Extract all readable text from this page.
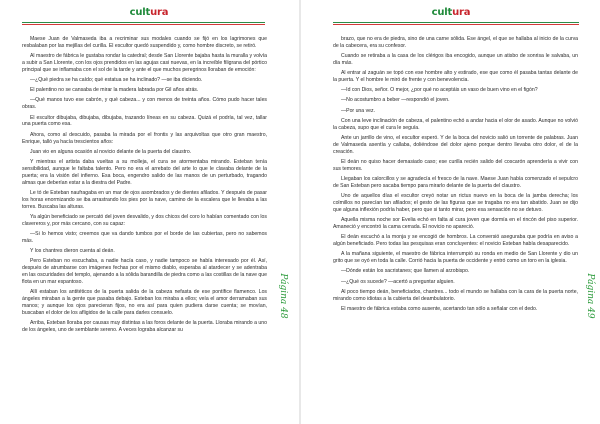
cultura

Maese Juan de Valmaseda iba a recriminar sus modales cuando se fijó en los lagrimones que resbalaban por las mejillas del curilla. El escultor quedó suspendido y, como hombre discreto, se retiró.

Al maestro de fábrica le gustaba rondar la catedral; desde San Llorente bajaba hasta la muralla y volvía a subir a San Llorente, con los ojos prendidos en las agujas casi nuevas, en la increíble filigrana del pórtico principal que se inflamaba con el sol de la tarde y ante el que muchos peregrinos lloraban de emoción:

—¿Qué piedra se ha caído; qué estatua se ha inclinado? —se iba diciendo.

El palentino no se cansaba de mirar la madera labrada por Gil años atrás.

—Qué manos tuvo ese cabrón, y qué cabeza... y con menos de treinta años. Cómo pudo hacer tales obras.

El escultor dibujaba, dibujaba, dibujaba, trazando líneas en su cabeza. Quizá el podría, tal vez, tallar una puerta como esa.

Ahora, como al descuido, pasaba la mirada por el frontis y las arquivoltas que otro gran maestro, Enrique, talló ya hacía trescientos años:

Juan vio en alguna ocasión al novicio delante de la puerta del claustro.

Y mientras el artista daba vueltas a su molleja, el cura se atormentaba mirando. Esteban tenía sensibilidad, aunque le faltaba talento. Pero no era el arrebato del arte lo que le clavaba delante de la puerta; era la visión del infierno. Esa boca, engendro salido de las manos de un perturbado, tragando almas que deberían estar a la diestra del Padre.

Le tó de Esteban naufragaba en un mar de ojos asombrados y de dientes afilados. Y después de pasar los horas enormizando se iba arrastrando los pies por la nave, camino de la escalera que le llevaba a las torres. Buscaba las alturas.

Ya algún beneficiado se percató del joven desvalido, y dos chicos del coro lo habían comentado con los clavereros y, por más cercano, con su capaz:

—Si lo hemos visto; creemos que va dando tumbos por el borde de las cubiertas, pero no sabemos más.

Y los chantres dieron cuenta al deán.

Pero Esteban no escuchaba, a nadie hacía caso, y nadie tampoco se había interesado por él. Así, después de atrumbarse con imágenes fechas por el mismo diablo, esperaba al atardecer y se adentraba en las oscuridades del templo, ajenando a la sólida barandilla de piedra como a las costillas de la nave que flota en un mar espantoso.

Allí estaban los antitéticos de la puerta salida de la cabeza nefasta de ese pontífice flamenco. Los ángeles miraban a la gente que pasaba debajo. Esteban los miraba a ellos; veía el amor derramaban sus manos; y aunque los ojos parecieran fijos, no era así para quien pudiera darse cuenta; se movían, buscaban el dolor de los afligidos de la calle para darles consuelo.

Arriba, Esteban lloraba por causas muy distintas a las foros delante de la puerta. Lloraba mirando a uno de los ángeles, uno de semblante sereno. A veces lograba alcanzar su

Página 48
cultura

brazo, que no era de piedra, sino de una carne sólida. Ese ángel, el que se hallaba al inicio de la curva de la cabecera, era su confesor.

Cuando se retiraba a la casa de los clérigos iba encogido, aunque un atisbo de sonrisa le salvaba, un día más.

Al entrar al zaguán se topó con ese hombre alto y estirado, ese que como él pasaba tantas delante de la puerta. Y el hombre le miró de frente y con benevolencia.

—Id con Dios, señor. O mejor, ¿por qué no aceptáis un vaso de buen vino en el figón?

—No acostumbro a beber —respondió el joven.

—Por una vez.

Con una leve inclinación de cabeza, el palentino echó a andar hacia el olor de asado. Aunque no volvió la cabeza, supo que el cura le seguía.

Ante un jarrillo de vino, el escultor esperó. Y de la boca del novicio salió un torrente de palabras. Juan de Valmaseda asentía y callaba, doliéndose del dolor ajeno porque dentro llevaba otro dolor, el de la creación.

El deán no quiso hacer demasiado caso; ese curilla recién salido del coscarón aprendería a vivir con sus temores.

Llegaban los calorcillos y se agradecía el fresco de la nave. Maese Juan había comenzado el sepulcro de San Esteban pero sacaba tiempo para mirarlo delante de la puerta del claustro.

Uno de aquellos días el escultor creyó notar un rictus nuevo en la boca de la jamba derecha; los colmillos no parecían tan afilados; el gesto de las figuras que se tragaba no era tan abatido. Juan se dijo que alguna inflexión podría haber, pero que si tanto mirar, pero esa sensación no se detuvo.

Aquella misma noche sor Evelia echó en falta al cura joven que dormía en el rincón del piso superior. Amaneció y encontró la cama cerrada. El novicio no apareció.

El deán escuchó a la monja y se encogió de hombros. La conversió aseguraba que podría en aviso a algún beneficiado. Pero todas las pesquisas eran concluyentes: el novicio Esteban había desaparecido.

A la mañana siguiente, el maestro de fábrica interrumpió su ronda en medio de San Llorente y dio un grito que se oyó en toda la calle. Corrió hacia la puerta de occidente y entró como un toro en la iglesia.

—Dónde están los sacristanes; que llamen al arzobispo.

—¿Qué os sucede? —acertó a preguntar alguien.

Al poco tiempo deán, beneficiados, chantres... todo el mundo se hallaba con la cara de la puerta norte, mirando como idiotas a la cubierta del deambulatorio.

El maestro de fábrica estaba como ausente, acertando tan sólo a señalar con el dedo.	Página 49
